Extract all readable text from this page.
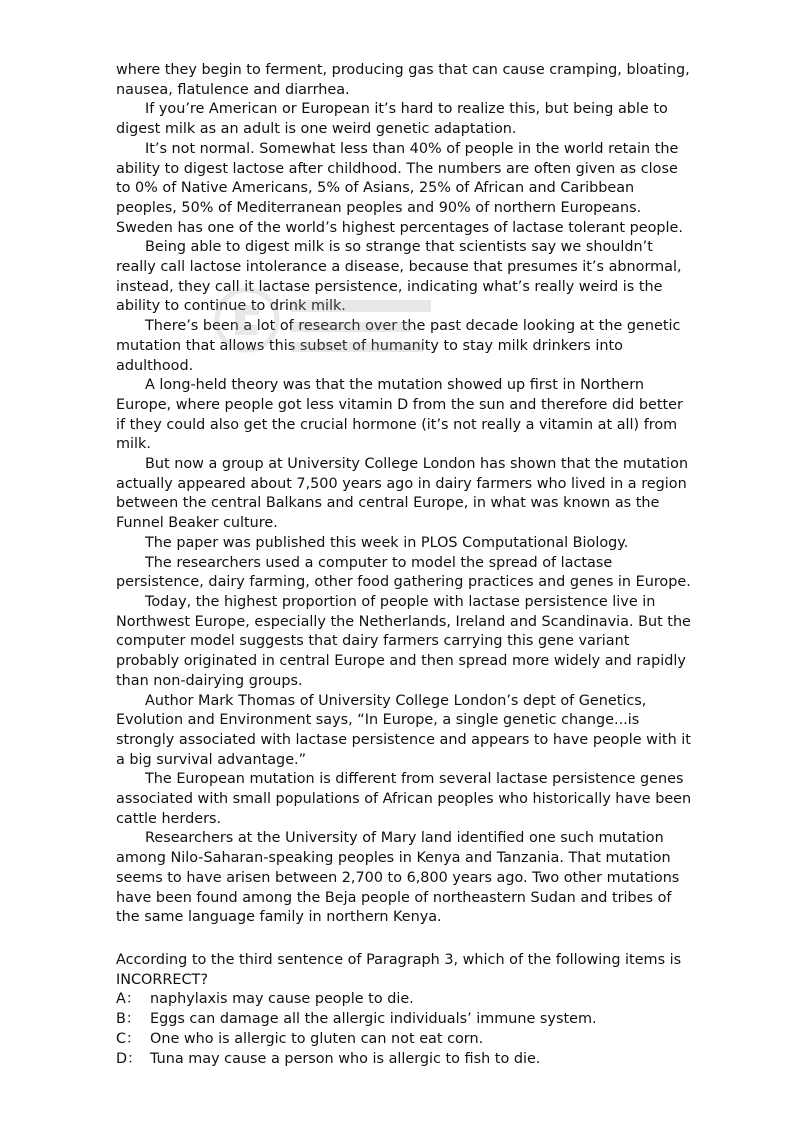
where they begin to ferment, producing gas that can cause cramping, bloating, nausea, flatulence and diarrhea.

If you’re American or European it’s hard to realize this, but being able to digest milk as an adult is one weird genetic adaptation.

It’s not normal. Somewhat less than 40% of people in the world retain the ability to digest lactose after childhood. The numbers are often given as close to 0% of Native Americans, 5% of Asians, 25% of African and Caribbean peoples, 50% of Mediterranean peoples and 90% of northern Europeans. Sweden has one of the world’s highest percentages of lactase tolerant people.

Being able to digest milk is so strange that scientists say we shouldn’t really call lactose intolerance a disease, because that presumes it’s abnormal, instead, they call it lactase persistence, indicating what’s really weird is the ability to continue to drink milk.

There’s been a lot of research over the past decade looking at the genetic mutation that allows this subset of humanity to stay milk drinkers into adulthood.

A long-held theory was that the mutation showed up first in Northern Europe, where people got less vitamin D from the sun and therefore did better if they could also get the crucial hormone (it’s not really a vitamin at all) from milk.

But now a group at University College London has shown that the mutation actually appeared about 7,500 years ago in dairy farmers who lived in a region between the central Balkans and central Europe, in what was known as the Funnel Beaker culture.

The paper was published this week in PLOS Computational Biology.

The researchers used a computer to model the spread of lactase persistence, dairy farming, other food gathering practices and genes in Europe.

Today, the highest proportion of people with lactase persistence live in Northwest Europe, especially the Netherlands, Ireland and Scandinavia. But the computer model suggests that dairy farmers carrying this gene variant probably originated in central Europe and then spread more widely and rapidly than non-dairying groups.

Author Mark Thomas of University College London’s dept of Genetics, Evolution and Environment says, “In Europe, a single genetic change...is strongly associated with lactase persistence and appears to have people with it a big survival advantage.”

The European mutation is different from several lactase persistence genes associated with small populations of African peoples who historically have been cattle herders.

Researchers at the University of Mary land identified one such mutation among Nilo-Saharan-speaking peoples in Kenya and Tanzania. That mutation seems to have arisen between 2,700 to 6,800 years ago. Two other mutations have been found among the Beja people of northeastern Sudan and tribes of the same language family in northern Kenya.

According to the third sentence of Paragraph 3, which of the following items is INCORRECT?

A： naphylaxis may cause people to die.
B： Eggs can damage all the allergic individuals’ immune system.
C： One who is allergic to gluten can not eat corn.
D： Tuna may cause a person who is allergic to fish to die.
